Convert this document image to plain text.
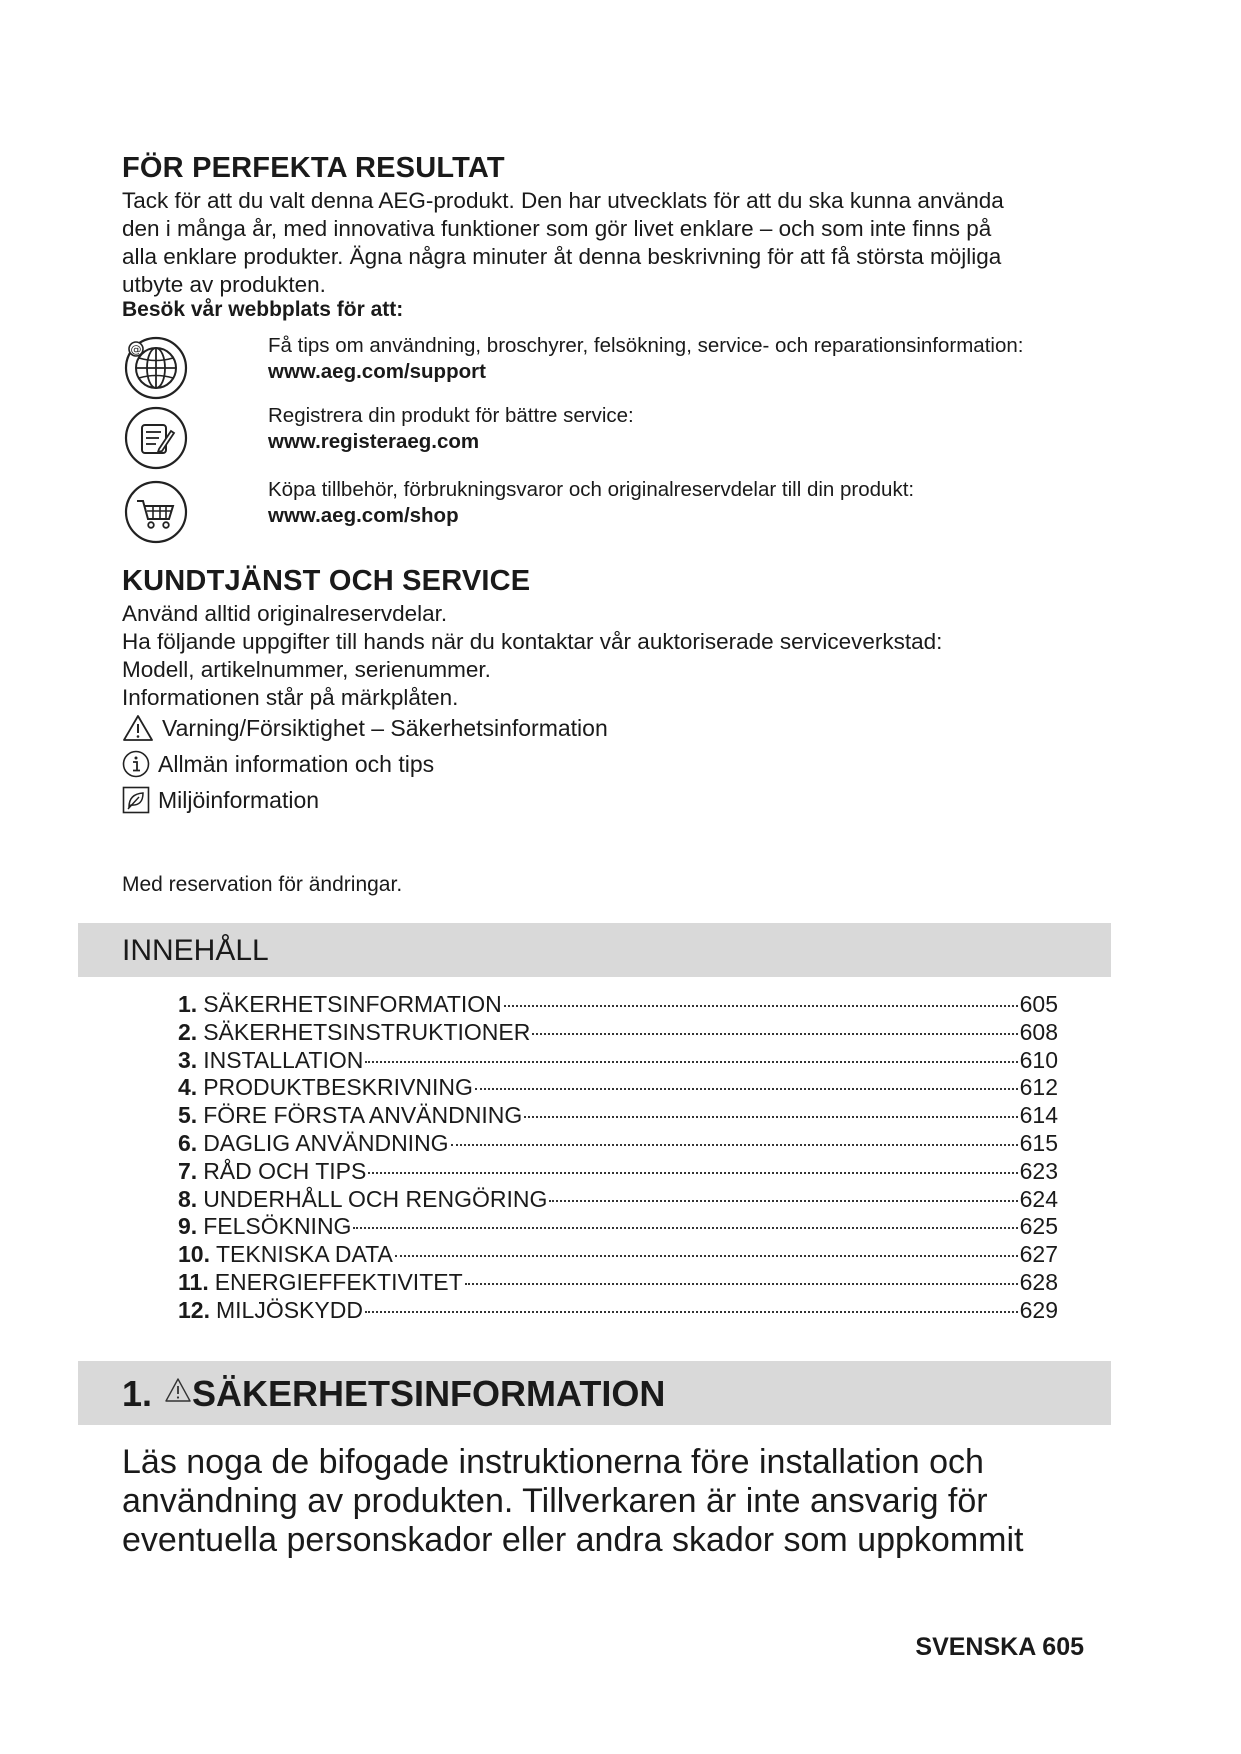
FÖR PERFEKTA RESULTAT
Tack för att du valt denna AEG-produkt. Den har utvecklats för att du ska kunna använda
den i många år, med innovativa funktioner som gör livet enklare – och som inte finns på
alla enklare produkter. Ägna några minuter åt denna beskrivning för att få största möjliga
utbyte av produkten.
Besök vår webbplats för att:
@	Få tips om användning, broschyrer, felsökning, service- och reparationsinformation:
www.aeg.com/support
Registrera din produkt för bättre service:
www.registeraeg.com
Köpa tillbehör, förbrukningsvaror och originalreservdelar till din produkt:
www.aeg.com/shop
KUNDTJÄNST OCH SERVICE
Använd alltid originalreservdelar.
Ha följande uppgifter till hands när du kontaktar vår auktoriserade serviceverkstad:
Modell, artikelnummer, serienummer.
Informationen står på märkplåten.
Varning/Försiktighet – Säkerhetsinformation
Allmän information och tips
Miljöinformation
Med reservation för ändringar.
INNEHÅLL
1. SÄKERHETSINFORMATION	605
2. SÄKERHETSINSTRUKTIONER	608
3. INSTALLATION	610
4. PRODUKTBESKRIVNING	612
5. FÖRE FÖRSTA ANVÄNDNING	614
6. DAGLIG ANVÄNDNING	615
7. RÅD OCH TIPS	623
8. UNDERHÅLL OCH RENGÖRING	624
9. FELSÖKNING	625
10. TEKNISKA DATA	627
11. ENERGIEFFEKTIVITET	628
12. MILJÖSKYDD	629
1. SÄKERHETSINFORMATION
Läs noga de bifogade instruktionerna före installation och
användning av produkten. Tillverkaren är inte ansvarig för
eventuella personskador eller andra skador som uppkommit
SVENSKA 605
